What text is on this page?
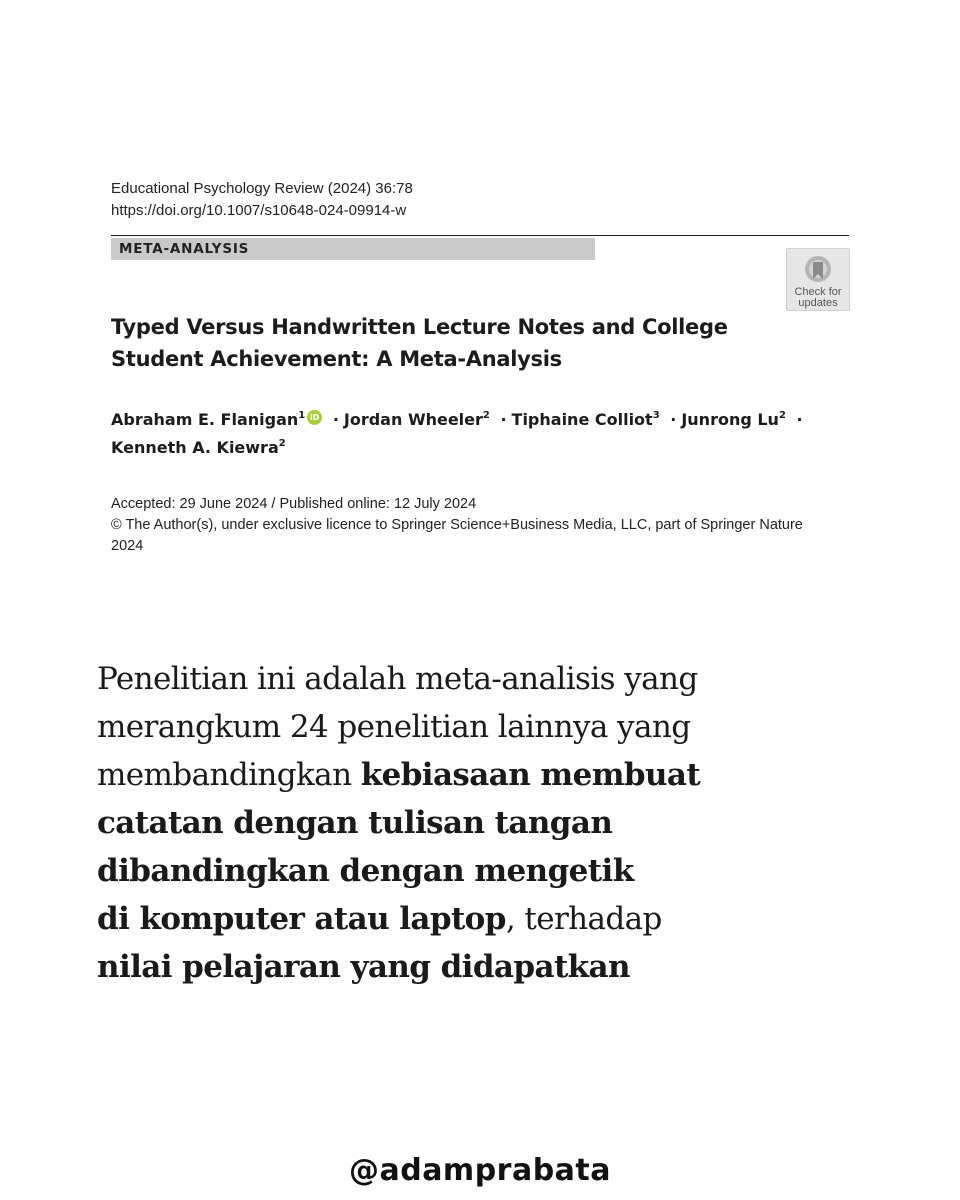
Educational Psychology Review (2024) 36:78
https://doi.org/10.1007/s10648-024-09914-w
META-ANALYSIS
Check for
updates
Typed Versus Handwritten Lecture Notes and College
Student Achievement: A Meta-Analysis
Abraham E. Flanigan$^1$ iD · Jordan Wheeler$^2$ · Tiphaine Colliot$^3$ · Junrong $Lu^2$ ·
Kenneth A. Kiewra$^2$
Accepted: 29 June 2024 / Published online: 12 July 2024
© The Author(s), under exclusive licence to Springer Science+Business Media, LLC, part of Springer Nature
2024
Penelitian ini adalah meta-analisis yang
merangkum 24 penelitian lainnya yang
membandingkan kebiasaan membuat
catatan dengan tulisan tangan
dibandingkan dengan mengetik
di komputer atau laptop, terhadap
nilai pelajaran yang didapatkan
@adamprabata
